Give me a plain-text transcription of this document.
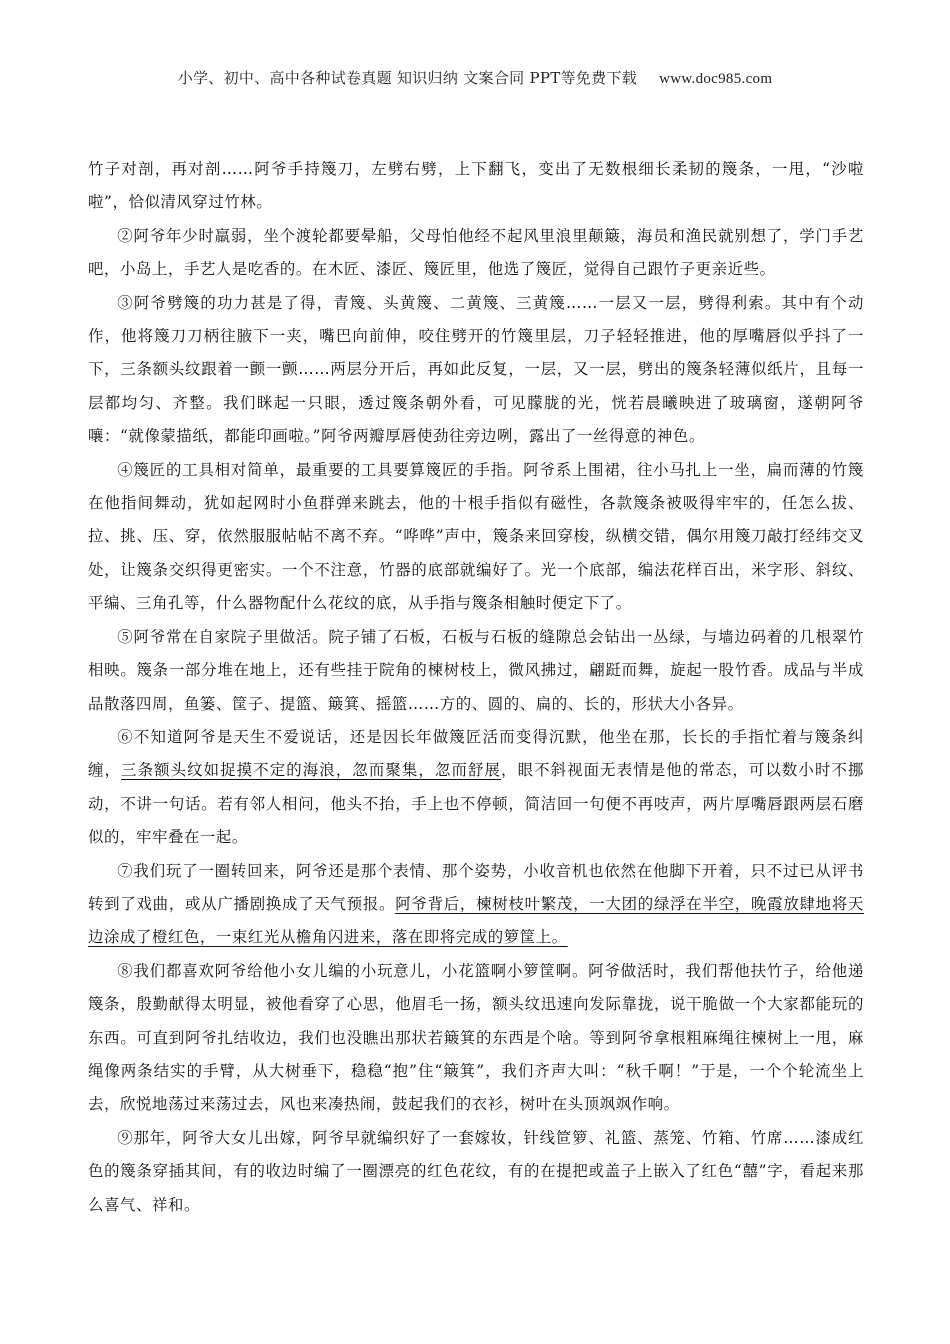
小学、初中、高中各种试卷真题 知识归纳 文案合同 PPT等免费下载 www.doc985.com

竹子对剖，再对剖……阿爷手持篾刀，左劈右劈，上下翻飞，变出了无数根细长柔韧的篾条，一甩，“沙啦啦”，恰似清风穿过竹林。

②阿爷年少时羸弱，坐个渡轮都要晕船，父母怕他经不起风里浪里颠簸，海员和渔民就别想了，学门手艺吧，小岛上，手艺人是吃香的。在木匠、漆匠、篾匠里，他选了篾匠，觉得自己跟竹子更亲近些。

③阿爷劈篾的功力甚是了得，青篾、头黄篾、二黄篾、三黄篾……一层又一层，劈得利索。其中有个动作，他将篾刀刀柄往腋下一夹，嘴巴向前伸，咬住劈开的竹篾里层，刀子轻轻推进，他的厚嘴唇似乎抖了一下，三条额头纹跟着一颤一颤……两层分开后，再如此反复，一层，又一层，劈出的篾条轻薄似纸片，且每一层都均匀、齐整。我们眯起一只眼，透过篾条朝外看，可见朦胧的光，恍若晨曦映进了玻璃窗，遂朝阿爷嚷：“就像蒙描纸，都能印画啦。”阿爷两瓣厚唇使劲往旁边咧，露出了一丝得意的神色。

④篾匠的工具相对简单，最重要的工具要算篾匠的手指。阿爷系上围裙，往小马扎上一坐，扁而薄的竹篾在他指间舞动，犹如起网时小鱼群弹来跳去，他的十根手指似有磁性，各款篾条被吸得牢牢的，任怎么拔、拉、挑、压、穿，依然服服帖帖不离不弃。“哗哗”声中，篾条来回穿梭，纵横交错，偶尔用篾刀敲打经纬交叉处，让篾条交织得更密实。一个不注意，竹器的底部就编好了。光一个底部，编法花样百出，米字形、斜纹、平编、三角孔等，什么器物配什么花纹的底，从手指与篾条相触时便定下了。

⑤阿爷常在自家院子里做活。院子铺了石板，石板与石板的缝隙总会钻出一丛绿，与墙边码着的几根翠竹相映。篾条一部分堆在地上，还有些挂于院角的楝树枝上，微风拂过，翩跹而舞，旋起一股竹香。成品与半成品散落四周，鱼篓、筐子、提篮、簸箕、摇篮……方的、圆的、扁的、长的，形状大小各异。

⑥不知道阿爷是天生不爱说话，还是因长年做篾匠活而变得沉默，他坐在那，长长的手指忙着与篾条纠缠，三条额头纹如捉摸不定的海浪，忽而聚集，忽而舒展，眼不斜视面无表情是他的常态，可以数小时不挪动，不讲一句话。若有邻人相问，他头不抬，手上也不停顿，简洁回一句便不再吱声，两片厚嘴唇跟两层石磨似的，牢牢叠在一起。

⑦我们玩了一圈转回来，阿爷还是那个表情、那个姿势，小收音机也依然在他脚下开着，只不过已从评书转到了戏曲，或从广播剧换成了天气预报。阿爷背后，楝树枝叶繁茂，一大团的绿浮在半空，晚霞放肆地将天边涂成了橙红色，一束红光从檐角闪进来，落在即将完成的箩筐上。

⑧我们都喜欢阿爷给他小女儿编的小玩意儿，小花篮啊小箩筐啊。阿爷做活时，我们帮他扶竹子，给他递篾条，殷勤献得太明显，被他看穿了心思，他眉毛一扬，额头纹迅速向发际靠拢，说干脆做一个大家都能玩的东西。可直到阿爷扎结收边，我们也没瞧出那状若簸箕的东西是个啥。等到阿爷拿根粗麻绳往楝树上一甩，麻绳像两条结实的手臂，从大树垂下，稳稳“抱”住“簸箕”，我们齐声大叫：“秋千啊！”于是，一个个轮流坐上去，欣悦地荡过来荡过去，风也来凑热闹，鼓起我们的衣衫，树叶在头顶飒飒作响。

⑨那年，阿爷大女儿出嫁，阿爷早就编织好了一套嫁妆，针线笸箩、礼篮、蒸笼、竹箱、竹席……漆成红色的篾条穿插其间，有的收边时编了一圈漂亮的红色花纹，有的在提把或盖子上嵌入了红色“囍”字，看起来那么喜气、祥和。
